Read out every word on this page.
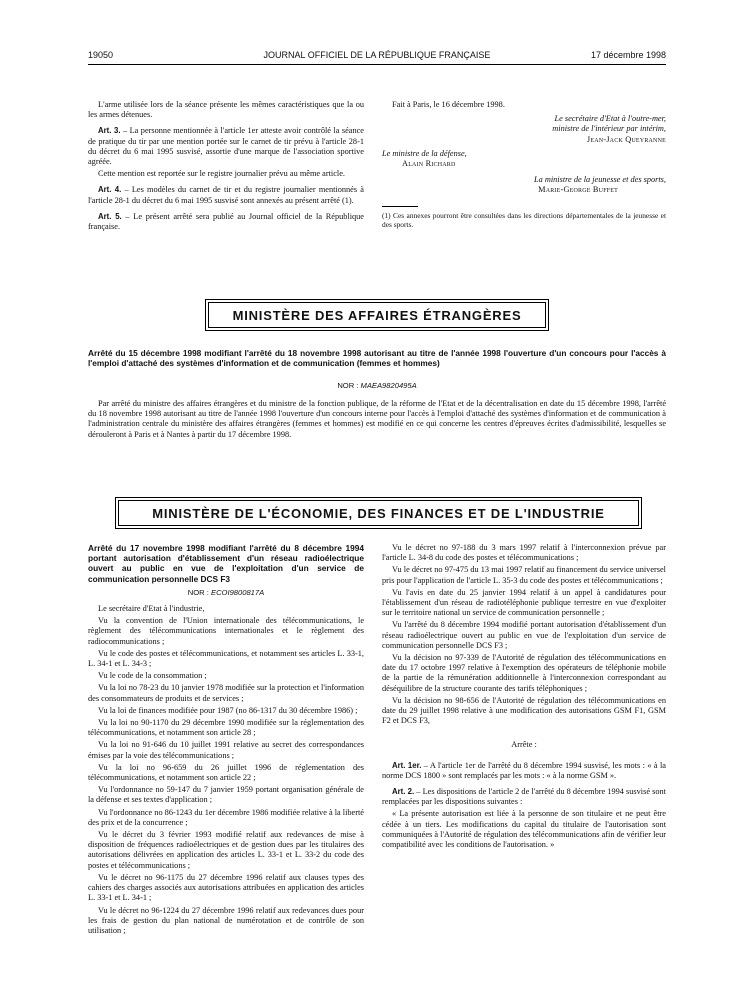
19050	JOURNAL OFFICIEL DE LA RÉPUBLIQUE FRANÇAISE	17 décembre 1998

L'arme utilisée lors de la séance présente les mêmes caractéristiques que la ou les armes détenues.

Art. 3. – La personne mentionnée à l'article 1er atteste avoir contrôlé la séance de pratique du tir par une mention portée sur le carnet de tir prévu à l'article 28-1 du décret du 6 mai 1995 susvisé, assortie d'une marque de l'association sportive agréée.

Cette mention est reportée sur le registre journalier prévu au même article.

Art. 4. – Les modèles du carnet de tir et du registre journalier mentionnés à l'article 28-1 du décret du 6 mai 1995 susvisé sont annexés au présent arrêté (1).

Art. 5. – Le présent arrêté sera publié au Journal officiel de la République française.

Fait à Paris, le 16 décembre 1998.

Le secrétaire d'Etat à l'outre-mer,
ministre de l'intérieur par intérim,
Jean-Jack Queyranne
Le ministre de la défense,
Alain Richard
La ministre de la jeunesse et des sports,
Marie-George Buffet
(1) Ces annexes pourront être consultées dans les directions départementales de la jeunesse et des sports.
MINISTÈRE DES AFFAIRES ÉTRANGÈRES
Arrêté du 15 décembre 1998 modifiant l'arrêté du 18 novembre 1998 autorisant au titre de l'année 1998 l'ouverture d'un concours pour l'accès à l'emploi d'attaché des systèmes d'information et de communication (femmes et hommes)
NOR : MAEA9820495A

Par arrêté du ministre des affaires étrangères et du ministre de la fonction publique, de la réforme de l'Etat et de la décentralisation en date du 15 décembre 1998, l'arrêté du 18 novembre 1998 autorisant au titre de l'année 1998 l'ouverture d'un concours interne pour l'accès à l'emploi d'attaché des systèmes d'information et de communication à l'administration centrale du ministère des affaires étrangères (femmes et hommes) est modifié en ce qui concerne les centres d'épreuves écrites d'admissibilité, lesquelles se dérouleront à Paris et à Nantes à partir du 17 décembre 1998.

MINISTÈRE DE L'ÉCONOMIE, DES FINANCES ET DE L'INDUSTRIE
Arrêté du 17 novembre 1998 modifiant l'arrêté du 8 décembre 1994 portant autorisation d'établissement d'un réseau radioélectrique ouvert au public en vue de l'exploitation d'un service de communication personnelle DCS F3
NOR : ECOI9800817A

Le secrétaire d'Etat à l'industrie,

Vu la convention de l'Union internationale des télécommunications, le règlement des télécommunications internationales et le règlement des radiocommunications ;

Vu le code des postes et télécommunications, et notamment ses articles L. 33-1, L. 34-1 et L. 34-3 ;

Vu le code de la consommation ;

Vu la loi no 78-23 du 10 janvier 1978 modifiée sur la protection et l'information des consommateurs de produits et de services ;

Vu la loi de finances modifiée pour 1987 (no 86-1317 du 30 décembre 1986) ;

Vu la loi no 90-1170 du 29 décembre 1990 modifiée sur la réglementation des télécommunications, et notamment son article 28 ;

Vu la loi no 91-646 du 10 juillet 1991 relative au secret des correspondances émises par la voie des télécommunications ;

Vu la loi no 96-659 du 26 juillet 1996 de réglementation des télécommunications, et notamment son article 22 ;

Vu l'ordonnance no 59-147 du 7 janvier 1959 portant organisation générale de la défense et ses textes d'application ;

Vu l'ordonnance no 86-1243 du 1er décembre 1986 modifiée relative à la liberté des prix et de la concurrence ;

Vu le décret du 3 février 1993 modifié relatif aux redevances de mise à disposition de fréquences radioélectriques et de gestion dues par les titulaires des autorisations délivrées en application des articles L. 33-1 et L. 33-2 du code des postes et télécommunications ;

Vu le décret no 96-1175 du 27 décembre 1996 relatif aux clauses types des cahiers des charges associés aux autorisations attribuées en application des articles L. 33-1 et L. 34-1 ;

Vu le décret no 96-1224 du 27 décembre 1996 relatif aux redevances dues pour les frais de gestion du plan national de numérotation et de contrôle de son utilisation ;

Vu le décret no 97-188 du 3 mars 1997 relatif à l'interconnexion prévue par l'article L. 34-8 du code des postes et télécommunications ;

Vu le décret no 97-475 du 13 mai 1997 relatif au financement du service universel pris pour l'application de l'article L. 35-3 du code des postes et télécommunications ;

Vu l'avis en date du 25 janvier 1994 relatif à un appel à candidatures pour l'établissement d'un réseau de radiotéléphonie publique terrestre en vue d'exploiter sur le territoire national un service de communication personnelle ;

Vu l'arrêté du 8 décembre 1994 modifié portant autorisation d'établissement d'un réseau radioélectrique ouvert au public en vue de l'exploitation d'un service de communication personnelle DCS F3 ;

Vu la décision no 97-339 de l'Autorité de régulation des télécommunications en date du 17 octobre 1997 relative à l'exemption des opérateurs de téléphonie mobile de la partie de la rémunération additionnelle à l'interconnexion correspondant au déséquilibre de la structure courante des tarifs téléphoniques ;

Vu la décision no 98-656 de l'Autorité de régulation des télécommunications en date du 29 juillet 1998 relative à une modification des autorisations GSM F1, GSM F2 et DCS F3,

Arrête :

Art. 1er. – A l'article 1er de l'arrêté du 8 décembre 1994 susvisé, les mots : « à la norme DCS 1800 » sont remplacés par les mots : « à la norme GSM ».

Art. 2. – Les dispositions de l'article 2 de l'arrêté du 8 décembre 1994 susvisé sont remplacées par les dispositions suivantes :

« La présente autorisation est liée à la personne de son titulaire et ne peut être cédée à un tiers. Les modifications du capital du titulaire de l'autorisation sont communiquées à l'Autorité de régulation des télécommunications afin de vérifier leur compatibilité avec les conditions de l'autorisation. »
